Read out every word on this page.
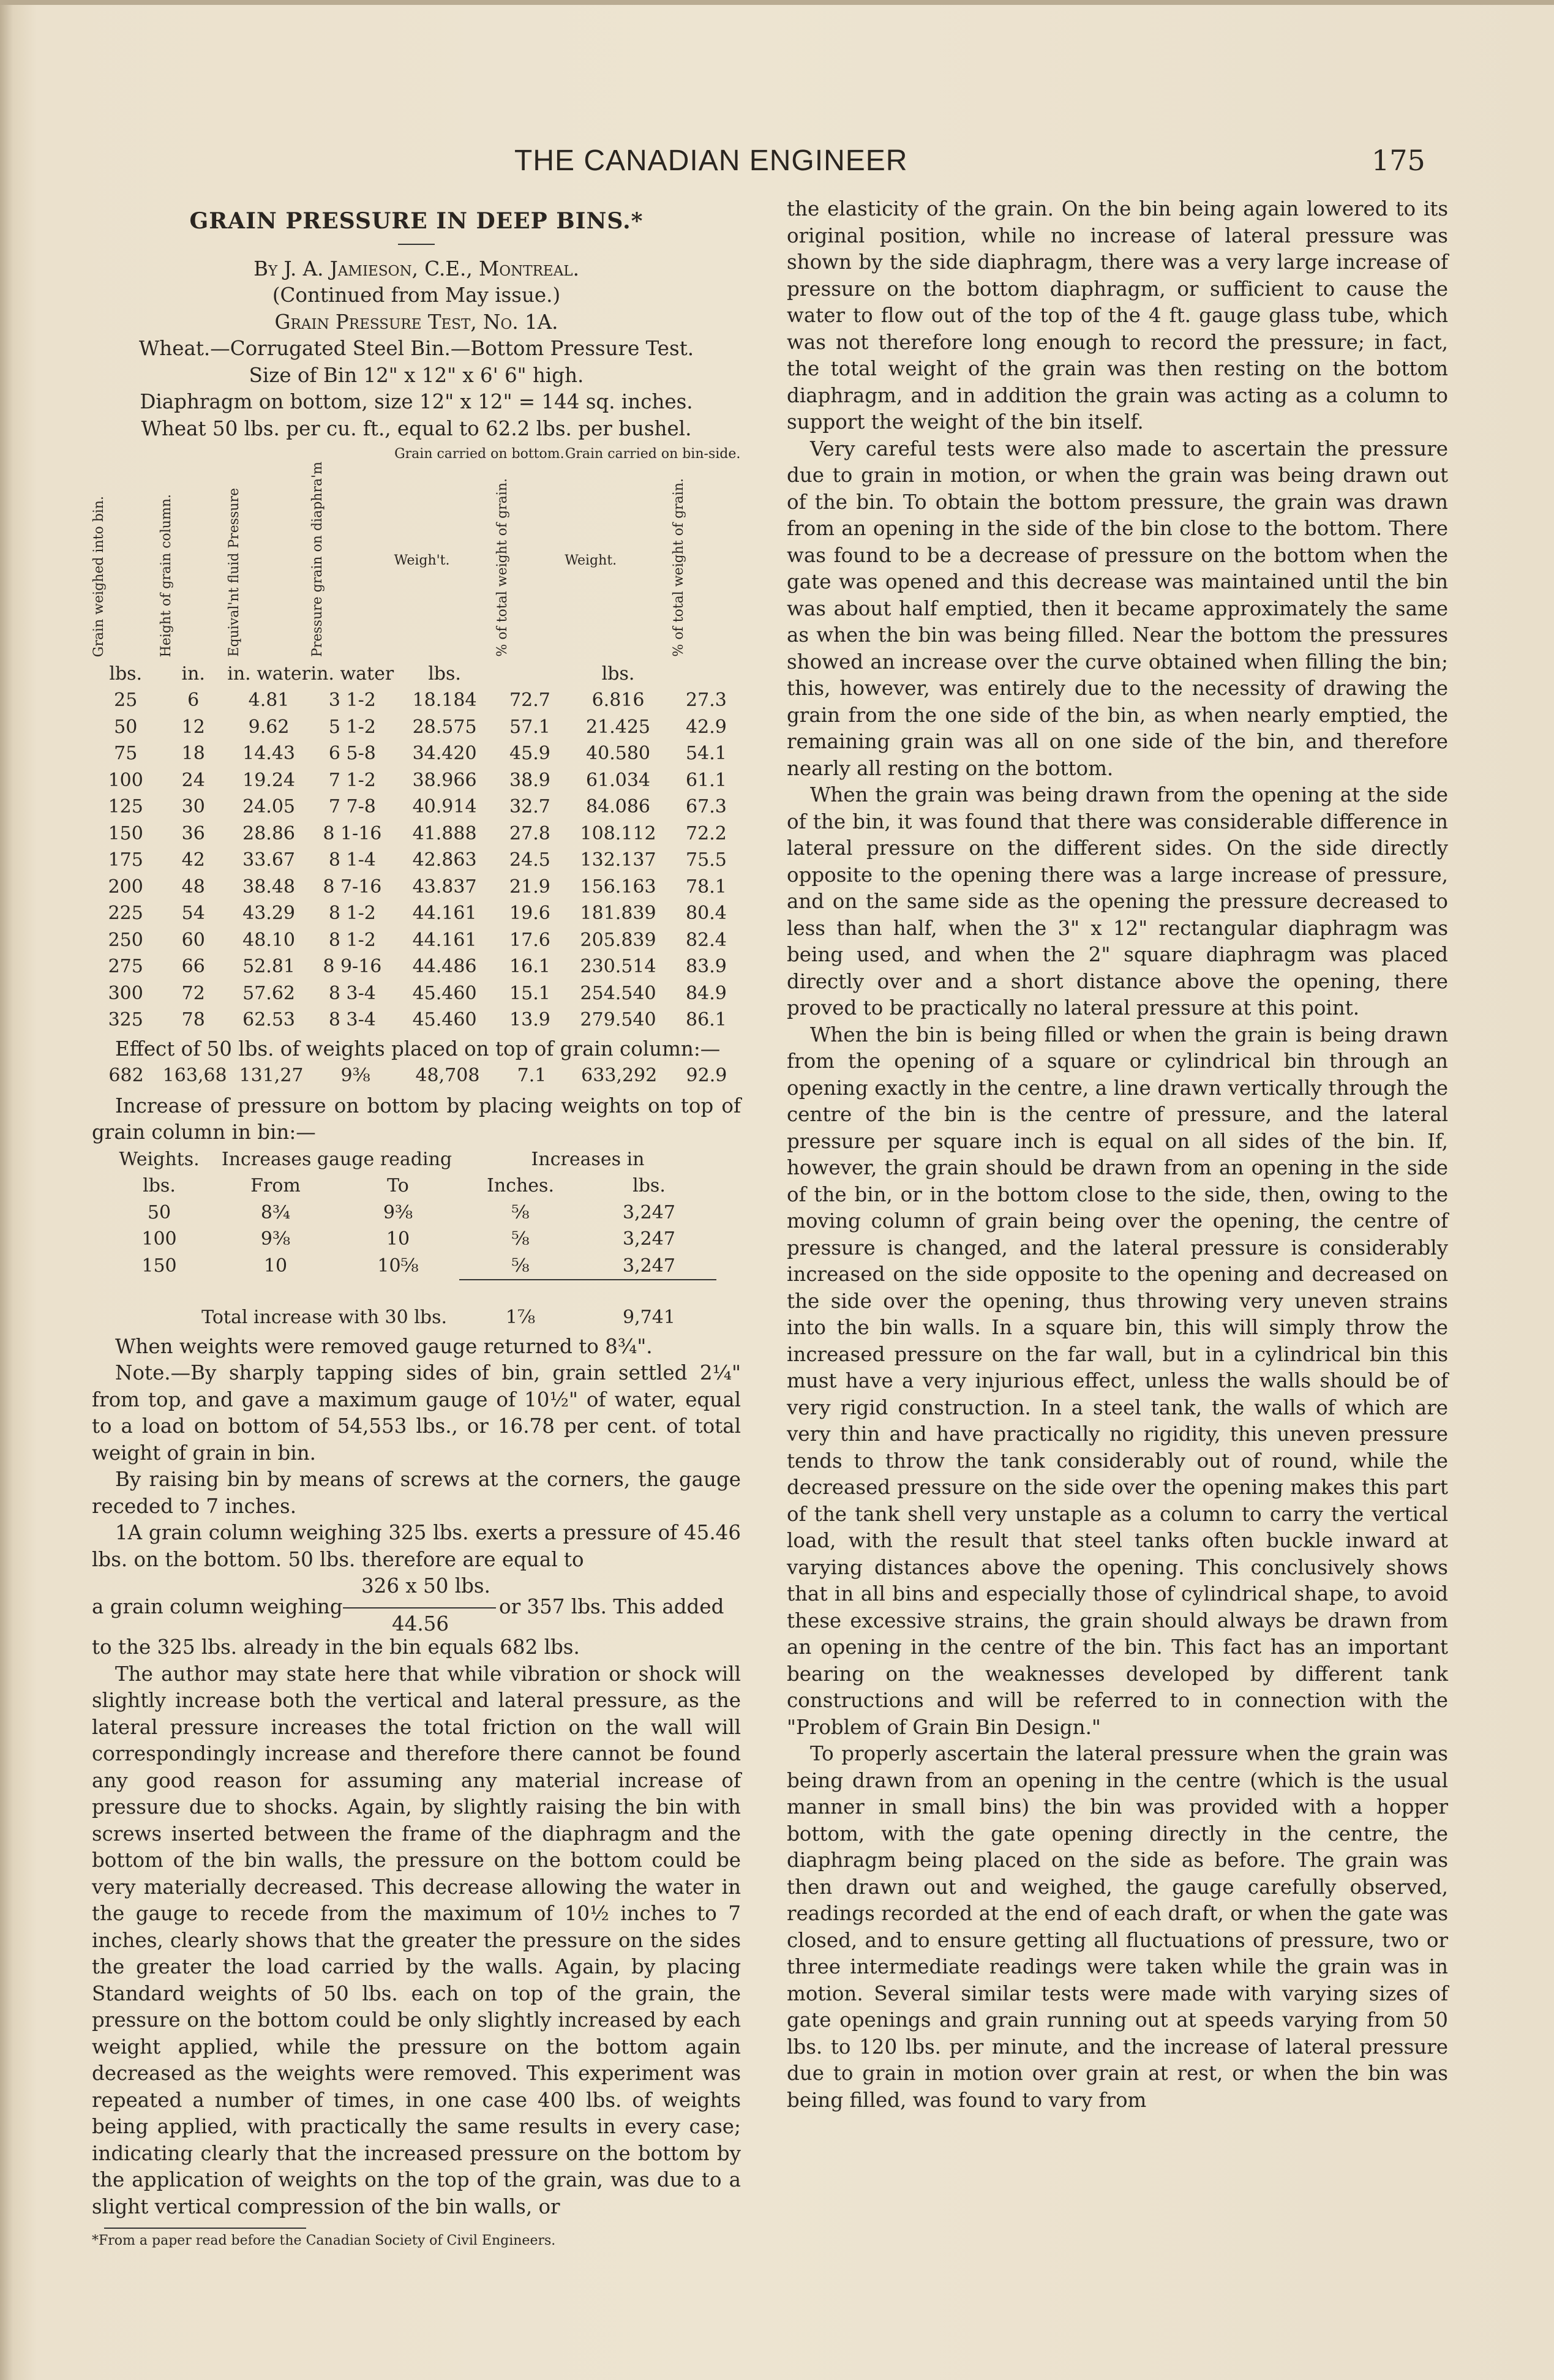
THE CANADIAN ENGINEER	175
GRAIN PRESSURE IN DEEP BINS.*

By J. A. Jamieson, C.E., Montreal.

(Continued from May issue.)

Grain Pressure Test, No. 1A.

Wheat.—Corrugated Steel Bin.—Bottom Pressure Test.

Size of Bin 12" x 12" x 6' 6" high.

Diaphragm on bottom, size 12" x 12" = 144 sq. inches.

Wheat 50 lbs. per cu. ft., equal to 62.2 lbs. per bushel.

				Grain carried on bottom.		Grain carried on bin-side.	
Grain weighed into bin.	Height of grain column.	Equival'nt fluid Pressure	Pressure grain on diaphra'm	Weigh't.	% of total weight of grain.	Weight.	% of total weight of grain.
lbs.	in.	in. water	in. water	lbs.		lbs.	
25	6	4.81	3 1-2	18.184	72.7	6.816	27.3
50	12	9.62	5 1-2	28.575	57.1	21.425	42.9
75	18	14.43	6 5-8	34.420	45.9	40.580	54.1
100	24	19.24	7 1-2	38.966	38.9	61.034	61.1
125	30	24.05	7 7-8	40.914	32.7	84.086	67.3
150	36	28.86	8 1-16	41.888	27.8	108.112	72.2
175	42	33.67	8 1-4	42.863	24.5	132.137	75.5
200	48	38.48	8 7-16	43.837	21.9	156.163	78.1
225	54	43.29	8 1-2	44.161	19.6	181.839	80.4
250	60	48.10	8 1-2	44.161	17.6	205.839	82.4
275	66	52.81	8 9-16	44.486	16.1	230.514	83.9
300	72	57.62	8 3-4	45.460	15.1	254.540	84.9
325	78	62.53	8 3-4	45.460	13.9	279.540	86.1

Effect of 50 lbs. of weights placed on top of grain column:—

682	163,68	131,27	9⅜	48,708	7.1	633,292	92.9

Increase of pressure on bottom by placing weights on top of grain column in bin:—

Weights.	Increases gauge reading		Increases in	
lbs.	From	To	Inches.	lbs.
50	8¾	9⅜	⅝	3,247
100	9⅜	10	⅝	3,247
150	10	10⅝	⅝	3,247

Total increase with 30 lbs.			1⅞	9,741

When weights were removed gauge returned to 8¾".

Note.—By sharply tapping sides of bin, grain settled 2¼" from top, and gave a maximum gauge of 10½" of water, equal to a load on bottom of 54,553 lbs., or 16.78 per cent. of total weight of grain in bin.

By raising bin by means of screws at the corners, the gauge receded to 7 inches.

1A grain column weighing 325 lbs. exerts a pressure of 45.46 lbs. on the bottom. 50 lbs. therefore are equal to

326 x 50 lbs.
a grain column weighing	or 357 lbs. This added
44.56

to the 325 lbs. already in the bin equals 682 lbs.

The author may state here that while vibration or shock will slightly increase both the vertical and lateral pressure, as the lateral pressure increases the total friction on the wall will correspondingly increase and therefore there cannot be found any good reason for assuming any material increase of pressure due to shocks. Again, by slightly raising the bin with screws inserted between the frame of the diaphragm and the bottom of the bin walls, the pressure on the bottom could be very materially decreased. This decrease allowing the water in the gauge to recede from the maximum of 10½ inches to 7 inches, clearly shows that the greater the pressure on the sides the greater the load carried by the walls. Again, by placing Standard weights of 50 lbs. each on top of the grain, the pressure on the bottom could be only slightly increased by each weight applied, while the pressure on the bottom again decreased as the weights were removed. This experiment was repeated a number of times, in one case 400 lbs. of weights being applied, with practically the same results in every case; indicating clearly that the increased pressure on the bottom by the application of weights on the top of the grain, was due to a slight vertical compression of the bin walls, or

*From a paper read before the Canadian Society of Civil Engineers.

the elasticity of the grain. On the bin being again lowered to its original position, while no increase of lateral pressure was shown by the side diaphragm, there was a very large increase of pressure on the bottom diaphragm, or sufficient to cause the water to flow out of the top of the 4 ft. gauge glass tube, which was not therefore long enough to record the pressure; in fact, the total weight of the grain was then resting on the bottom diaphragm, and in addition the grain was acting as a column to support the weight of the bin itself.

Very careful tests were also made to ascertain the pressure due to grain in motion, or when the grain was being drawn out of the bin. To obtain the bottom pressure, the grain was drawn from an opening in the side of the bin close to the bottom. There was found to be a decrease of pressure on the bottom when the gate was opened and this decrease was maintained until the bin was about half emptied, then it became approximately the same as when the bin was being filled. Near the bottom the pressures showed an increase over the curve obtained when filling the bin; this, however, was entirely due to the necessity of drawing the grain from the one side of the bin, as when nearly emptied, the remaining grain was all on one side of the bin, and therefore nearly all resting on the bottom.

When the grain was being drawn from the opening at the side of the bin, it was found that there was considerable difference in lateral pressure on the different sides. On the side directly opposite to the opening there was a large increase of pressure, and on the same side as the opening the pressure decreased to less than half, when the 3" x 12" rectangular diaphragm was being used, and when the 2" square diaphragm was placed directly over and a short distance above the opening, there proved to be practically no lateral pressure at this point.

When the bin is being filled or when the grain is being drawn from the opening of a square or cylindrical bin through an opening exactly in the centre, a line drawn vertically through the centre of the bin is the centre of pressure, and the lateral pressure per square inch is equal on all sides of the bin. If, however, the grain should be drawn from an opening in the side of the bin, or in the bottom close to the side, then, owing to the moving column of grain being over the opening, the centre of pressure is changed, and the lateral pressure is considerably increased on the side opposite to the opening and decreased on the side over the opening, thus throwing very uneven strains into the bin walls. In a square bin, this will simply throw the increased pressure on the far wall, but in a cylindrical bin this must have a very injurious effect, unless the walls should be of very rigid construction. In a steel tank, the walls of which are very thin and have practically no rigidity, this uneven pressure tends to throw the tank considerably out of round, while the decreased pressure on the side over the opening makes this part of the tank shell very unstaple as a column to carry the vertical load, with the result that steel tanks often buckle inward at varying distances above the opening. This conclusively shows that in all bins and especially those of cylindrical shape, to avoid these excessive strains, the grain should always be drawn from an opening in the centre of the bin. This fact has an important bearing on the weaknesses developed by different tank constructions and will be referred to in connection with the "Problem of Grain Bin Design."

To properly ascertain the lateral pressure when the grain was being drawn from an opening in the centre (which is the usual manner in small bins) the bin was provided with a hopper bottom, with the gate opening directly in the centre, the diaphragm being placed on the side as before. The grain was then drawn out and weighed, the gauge carefully observed, readings recorded at the end of each draft, or when the gate was closed, and to ensure getting all fluctuations of pressure, two or three intermediate readings were taken while the grain was in motion. Several similar tests were made with varying sizes of gate openings and grain running out at speeds varying from 50 lbs. to 120 lbs. per minute, and the increase of lateral pressure due to grain in motion over grain at rest, or when the bin was being filled, was found to vary from
